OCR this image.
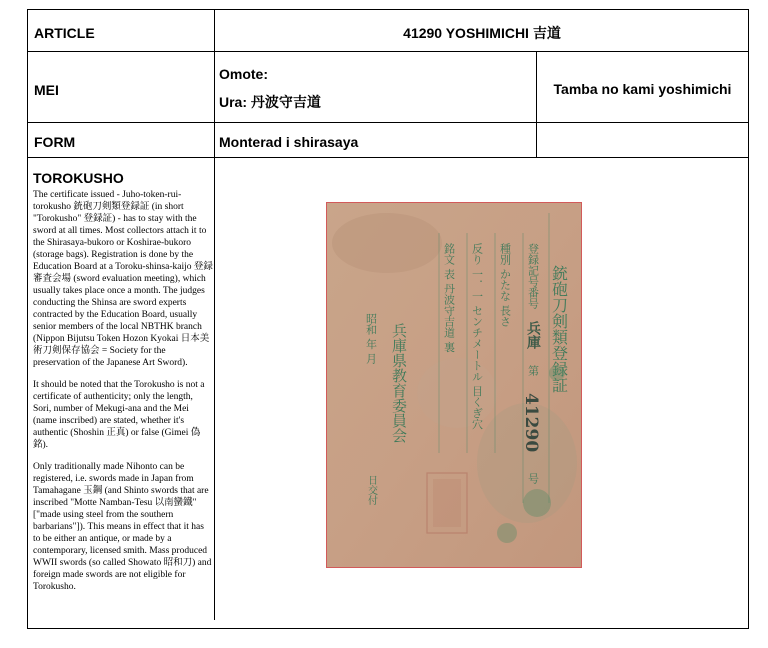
ARTICLE	41290 YOSHIMICHI 吉道
MEI
Omote:
Ura: 丹波守吉道
Tamba no kami yoshimichi
FORM	Monterad i shirasaya
TOROKUSHO

The certificate issued - Juho-token-rui-torokusho 銃砲刀剣類登録証 (in short "Torokusho" 登録証) - has to stay with the sword at all times. Most collectors attach it to the Shirasaya-bukoro or Koshirae-bukoro (storage bags). Registration is done by the Education Board at a Toroku-shinsa-kaijo 登録審査会場 (sword evaluation meeting), which usually takes place once a month. The judges conducting the Shinsa are sword experts contracted by the Education Board, usually senior members of the local NBTHK branch (Nippon Bijutsu Token Hozon Kyokai 日本美術刀剣保存協会 = Society for the preservation of the Japanese Art Sword).

It should be noted that the Torokusho is not a certificate of authenticity; only the length, Sori, number of Mekugi-ana and the Mei (name inscribed) are stated, whether it's authentic (Shoshin 正真) or false (Gimei 偽銘).

Only traditionally made Nihonto can be registered, i.e. swords made in Japan from Tamahagane 玉鋼 (and Shinto swords that are inscribed "Motte Namban-Tesu 以南蠻鐵" ["made using steel from the southern barbarians"]). This means in effect that it has to be either an antique, or made by a contemporary, licensed smith. Mass produced WWII swords (so called Showato 昭和刀) and foreign made swords are not eligible for Torokusho.

銃砲刀剣類登録証
登録記号番号
兵庫
第
41290
号
種別 かたな 長さ
反り 一．一 センチメートル 目くぎ穴
銘文 表 丹波守吉道 裏
兵庫県教育委員会
昭和 年 月
日交付
